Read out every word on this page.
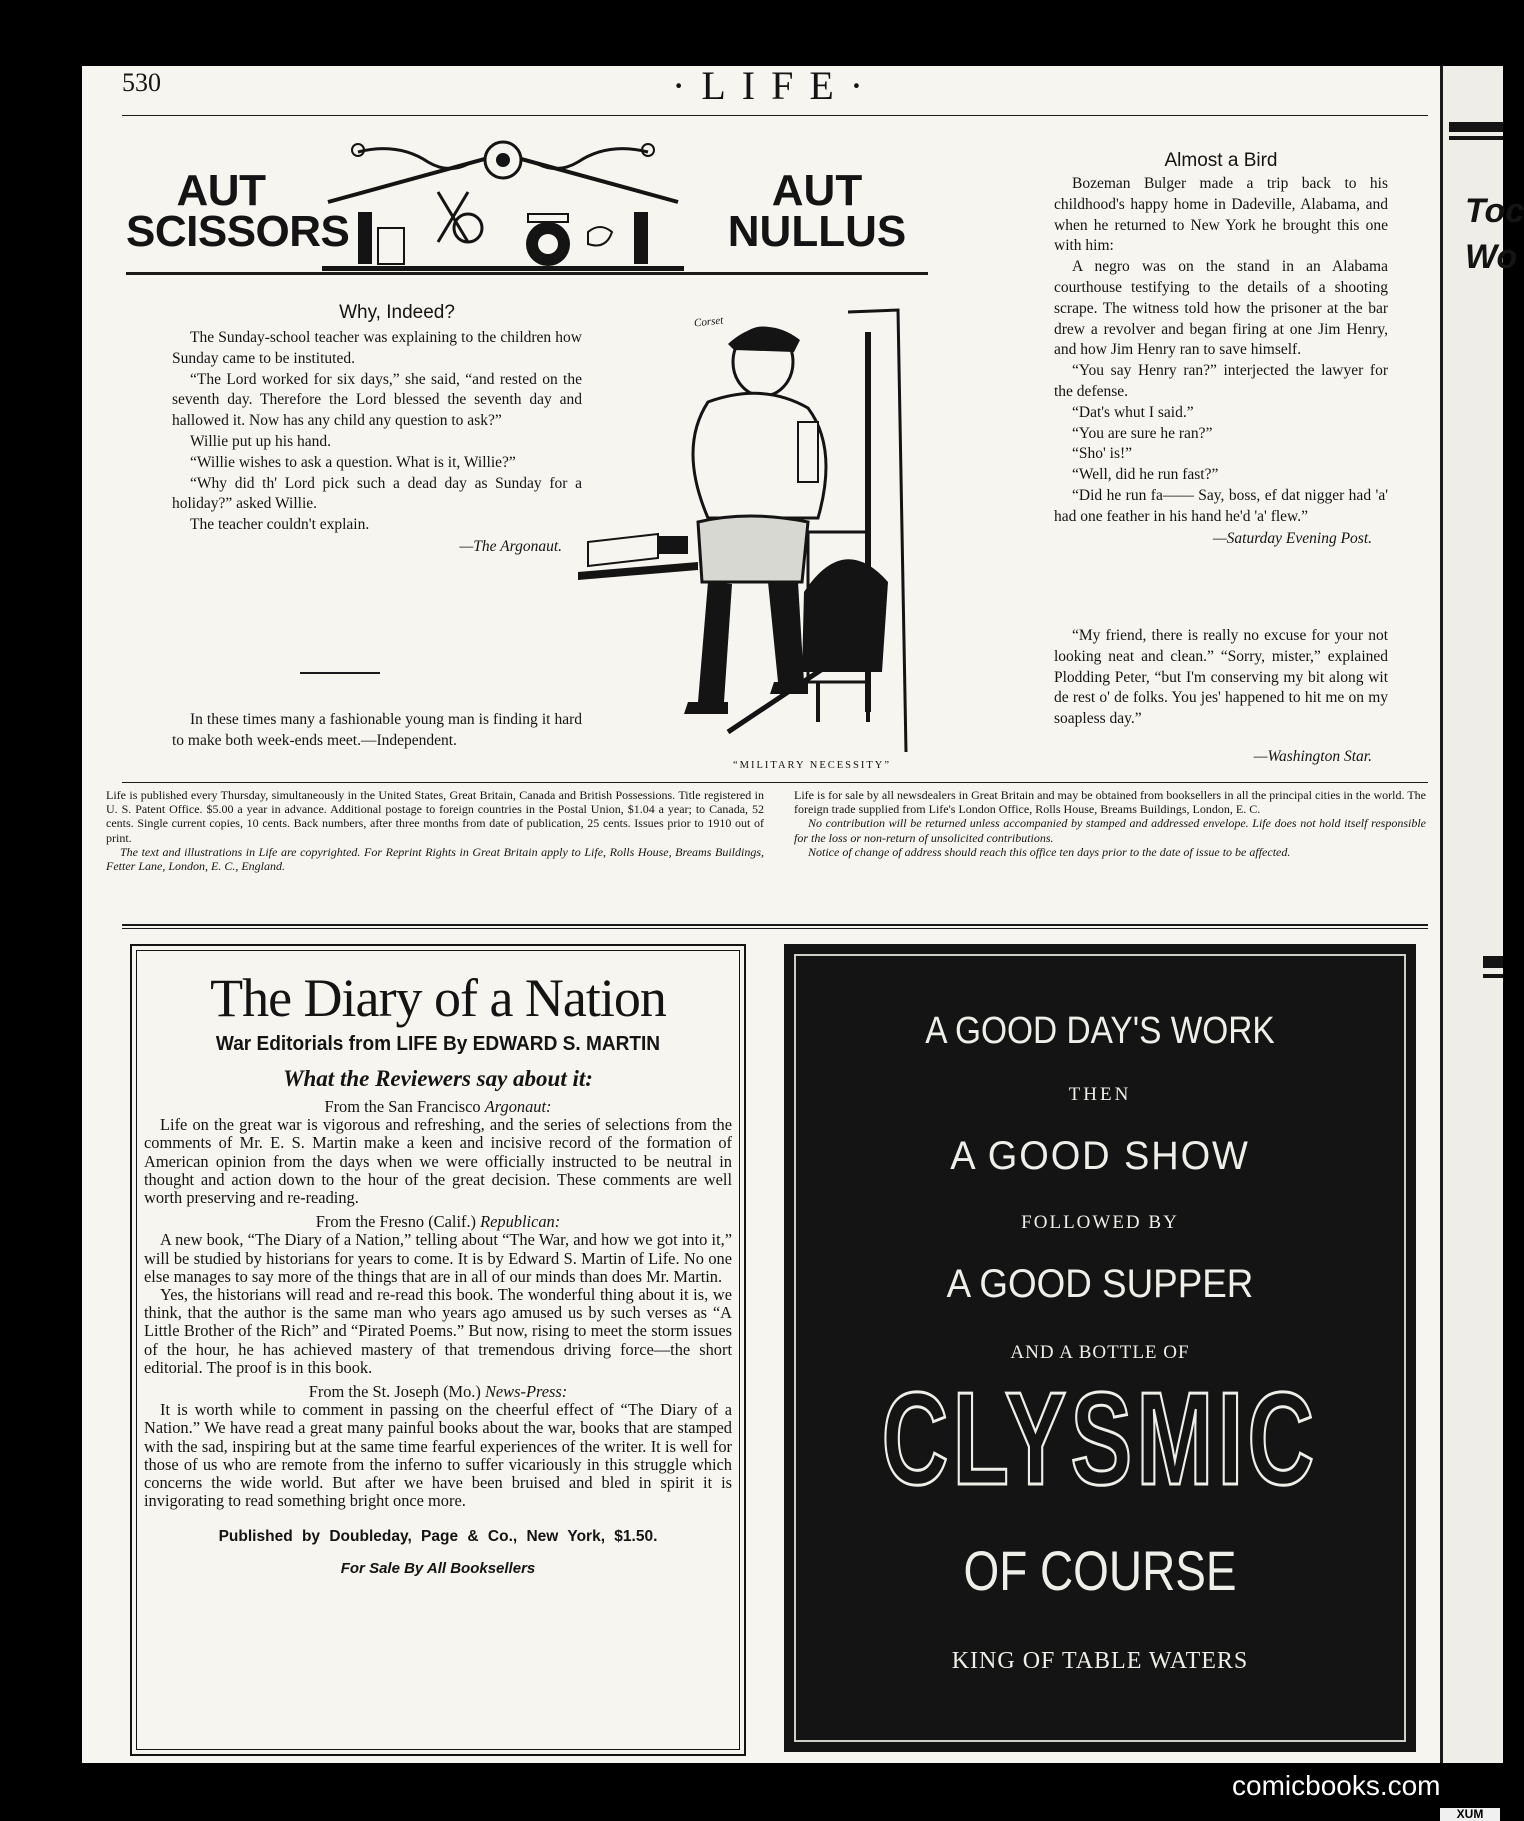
530	·LIFE·
AUT
SCISSORS
AUT
NULLUS
Why, Indeed?

The Sunday-school teacher was explaining to the children how Sunday came to be instituted.

“The Lord worked for six days,” she said, “and rested on the seventh day. Therefore the Lord blessed the seventh day and hallowed it. Now has any child any question to ask?”

Willie put up his hand.

“Willie wishes to ask a question. What is it, Willie?”

“Why did th' Lord pick such a dead day as Sunday for a holiday?” asked Willie.

The teacher couldn't explain.

—The Argonaut.

In these times many a fashionable young man is finding it hard to make both week-ends meet.—Independent.

Corset
“MILITARY NECESSITY”
Almost a Bird

Bozeman Bulger made a trip back to his childhood's happy home in Dadeville, Alabama, and when he returned to New York he brought this one with him:

A negro was on the stand in an Alabama courthouse testifying to the details of a shooting scrape. The witness told how the prisoner at the bar drew a revolver and began firing at one Jim Henry, and how Jim Henry ran to save himself.

“You say Henry ran?” interjected the lawyer for the defense.

“Dat's whut I said.”

“You are sure he ran?”

“Sho' is!”

“Well, did he run fast?”

“Did he run fa—— Say, boss, ef dat nigger had 'a' had one feather in his hand he'd 'a' flew.”

—Saturday Evening Post.

“My friend, there is really no excuse for your not looking neat and clean.” “Sorry, mister,” explained Plodding Peter, “but I'm conserving my bit along wit de rest o' de folks. You jes' happened to hit me on my soapless day.”

—Washington Star.

Life is published every Thursday, simultaneously in the United States, Great Britain, Canada and British Possessions. Title registered in U. S. Patent Office. $5.00 a year in advance. Additional postage to foreign countries in the Postal Union, $1.04 a year; to Canada, 52 cents. Single current copies, 10 cents. Back numbers, after three months from date of publication, 25 cents. Issues prior to 1910 out of print.

The text and illustrations in Life are copyrighted. For Reprint Rights in Great Britain apply to Life, Rolls House, Breams Buildings, Fetter Lane, London, E. C., England.

Life is for sale by all newsdealers in Great Britain and may be obtained from booksellers in all the principal cities in the world. The foreign trade supplied from Life's London Office, Rolls House, Breams Buildings, London, E. C.

No contribution will be returned unless accompanied by stamped and addressed envelope. Life does not hold itself responsible for the loss or non-return of unsolicited contributions.

Notice of change of address should reach this office ten days prior to the date of issue to be affected.

The Diary of a Nation
War Editorials from LIFE By EDWARD S. MARTIN
What the Reviewers say about it:

From the San Francisco Argonaut:

Life on the great war is vigorous and refreshing, and the series of selections from the comments of Mr. E. S. Martin make a keen and incisive record of the formation of American opinion from the days when we were officially instructed to be neutral in thought and action down to the hour of the great decision. These comments are well worth preserving and re-reading.

From the Fresno (Calif.) Republican:

A new book, “The Diary of a Nation,” telling about “The War, and how we got into it,” will be studied by historians for years to come. It is by Edward S. Martin of Life. No one else manages to say more of the things that are in all of our minds than does Mr. Martin.

Yes, the historians will read and re-read this book. The wonderful thing about it is, we think, that the author is the same man who years ago amused us by such verses as “A Little Brother of the Rich” and “Pirated Poems.” But now, rising to meet the storm issues of the hour, he has achieved mastery of that tremendous driving force—the short editorial. The proof is in this book.

From the St. Joseph (Mo.) News-Press:

It is worth while to comment in passing on the cheerful effect of “The Diary of a Nation.” We have read a great many painful books about the war, books that are stamped with the sad, inspiring but at the same time fearful experiences of the writer. It is well for those of us who are remote from the inferno to suffer vicariously in this struggle which concerns the wide world. But after we have been bruised and bled in spirit it is invigorating to read something bright once more.

Published by Doubleday, Page & Co., New York, $1.50.
For Sale By All Booksellers
A GOOD DAY'S WORK
THEN
A GOOD SHOW
FOLLOWED BY
A GOOD SUPPER
AND A BOTTLE OF
CLYSMIC
OF COURSE
KING OF TABLE WATERS
Toc
Wo
comicbooks.com
XUM
